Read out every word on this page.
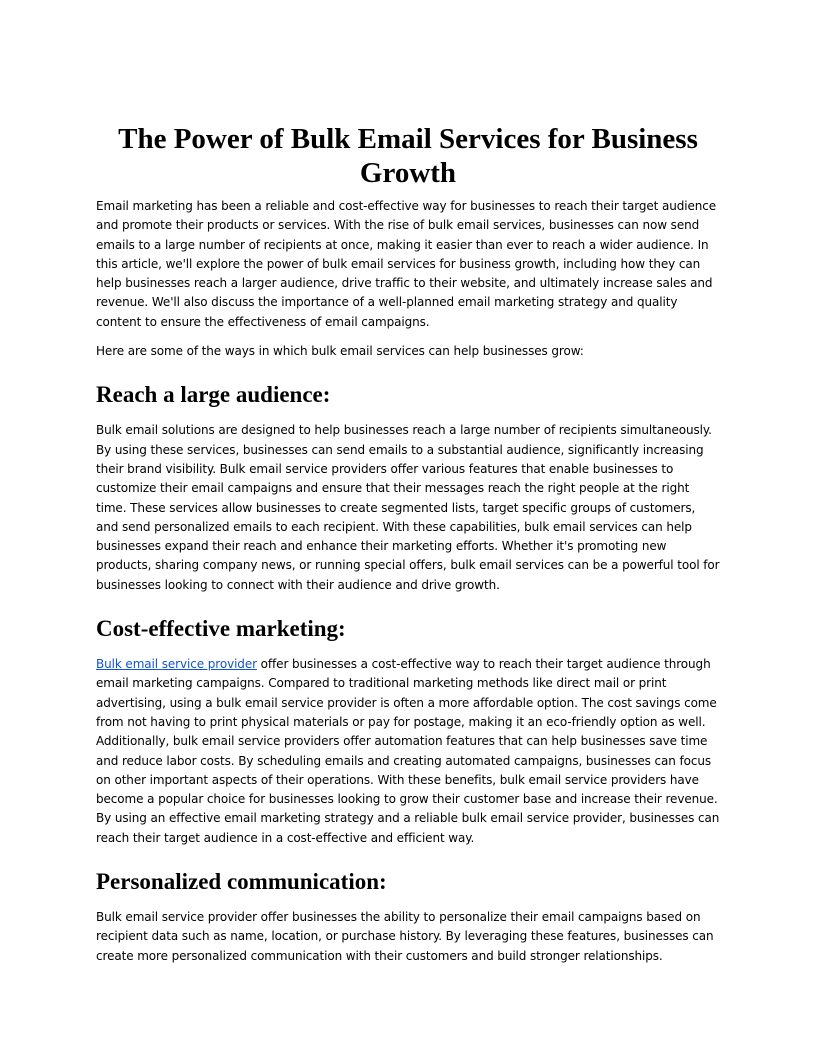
The Power of Bulk Email Services for Business Growth

Email marketing has been a reliable and cost-effective way for businesses to reach their target audience and promote their products or services. With the rise of bulk email services, businesses can now send emails to a large number of recipients at once, making it easier than ever to reach a wider audience. In this article, we'll explore the power of bulk email services for business growth, including how they can help businesses reach a larger audience, drive traffic to their website, and ultimately increase sales and revenue. We'll also discuss the importance of a well-planned email marketing strategy and quality content to ensure the effectiveness of email campaigns.

Here are some of the ways in which bulk email services can help businesses grow:

Reach a large audience:

Bulk email solutions are designed to help businesses reach a large number of recipients simultaneously. By using these services, businesses can send emails to a substantial audience, significantly increasing their brand visibility. Bulk email service providers offer various features that enable businesses to customize their email campaigns and ensure that their messages reach the right people at the right time. These services allow businesses to create segmented lists, target specific groups of customers, and send personalized emails to each recipient. With these capabilities, bulk email services can help businesses expand their reach and enhance their marketing efforts. Whether it's promoting new products, sharing company news, or running special offers, bulk email services can be a powerful tool for businesses looking to connect with their audience and drive growth.

Cost-effective marketing:

Bulk email service provider offer businesses a cost-effective way to reach their target audience through email marketing campaigns. Compared to traditional marketing methods like direct mail or print advertising, using a bulk email service provider is often a more affordable option. The cost savings come from not having to print physical materials or pay for postage, making it an eco-friendly option as well. Additionally, bulk email service providers offer automation features that can help businesses save time and reduce labor costs. By scheduling emails and creating automated campaigns, businesses can focus on other important aspects of their operations. With these benefits, bulk email service providers have become a popular choice for businesses looking to grow their customer base and increase their revenue. By using an effective email marketing strategy and a reliable bulk email service provider, businesses can reach their target audience in a cost-effective and efficient way.

Personalized communication:

Bulk email service provider offer businesses the ability to personalize their email campaigns based on recipient data such as name, location, or purchase history. By leveraging these features, businesses can create more personalized communication with their customers and build stronger relationships.
